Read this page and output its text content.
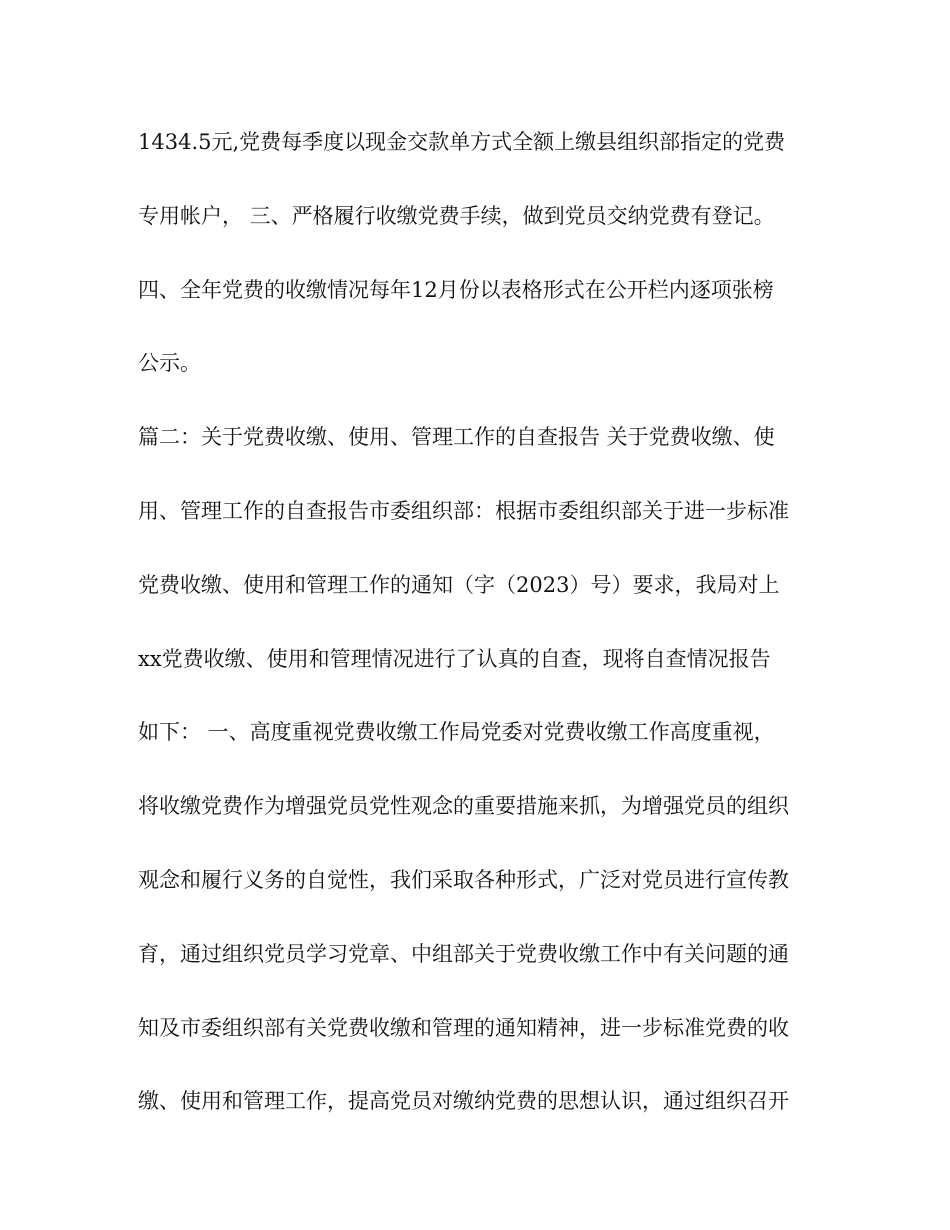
1434.5元,党费每季度以现金交款单方式全额上缴县组织部指定的党费
专用帐户， 三、严格履行收缴党费手续，做到党员交纳党费有登记。
四、全年党费的收缴情况每年12月份以表格形式在公开栏内逐项张榜
公示。
篇二：关于党费收缴、使用、管理工作的自查报告 关于党费收缴、使
用、管理工作的自查报告市委组织部：根据市委组织部关于进一步标准
党费收缴、使用和管理工作的通知（字（2023）号）要求，我局对上
xx党费收缴、使用和管理情况进行了认真的自查，现将自查情况报告
如下： 一、高度重视党费收缴工作局党委对党费收缴工作高度重视，
将收缴党费作为增强党员党性观念的重要措施来抓，为增强党员的组织
观念和履行义务的自觉性，我们采取各种形式，广泛对党员进行宣传教
育，通过组织党员学习党章、中组部关于党费收缴工作中有关问题的通
知及市委组织部有关党费收缴和管理的通知精神，进一步标准党费的收
缴、使用和管理工作，提高党员对缴纳党费的思想认识，通过组织召开
